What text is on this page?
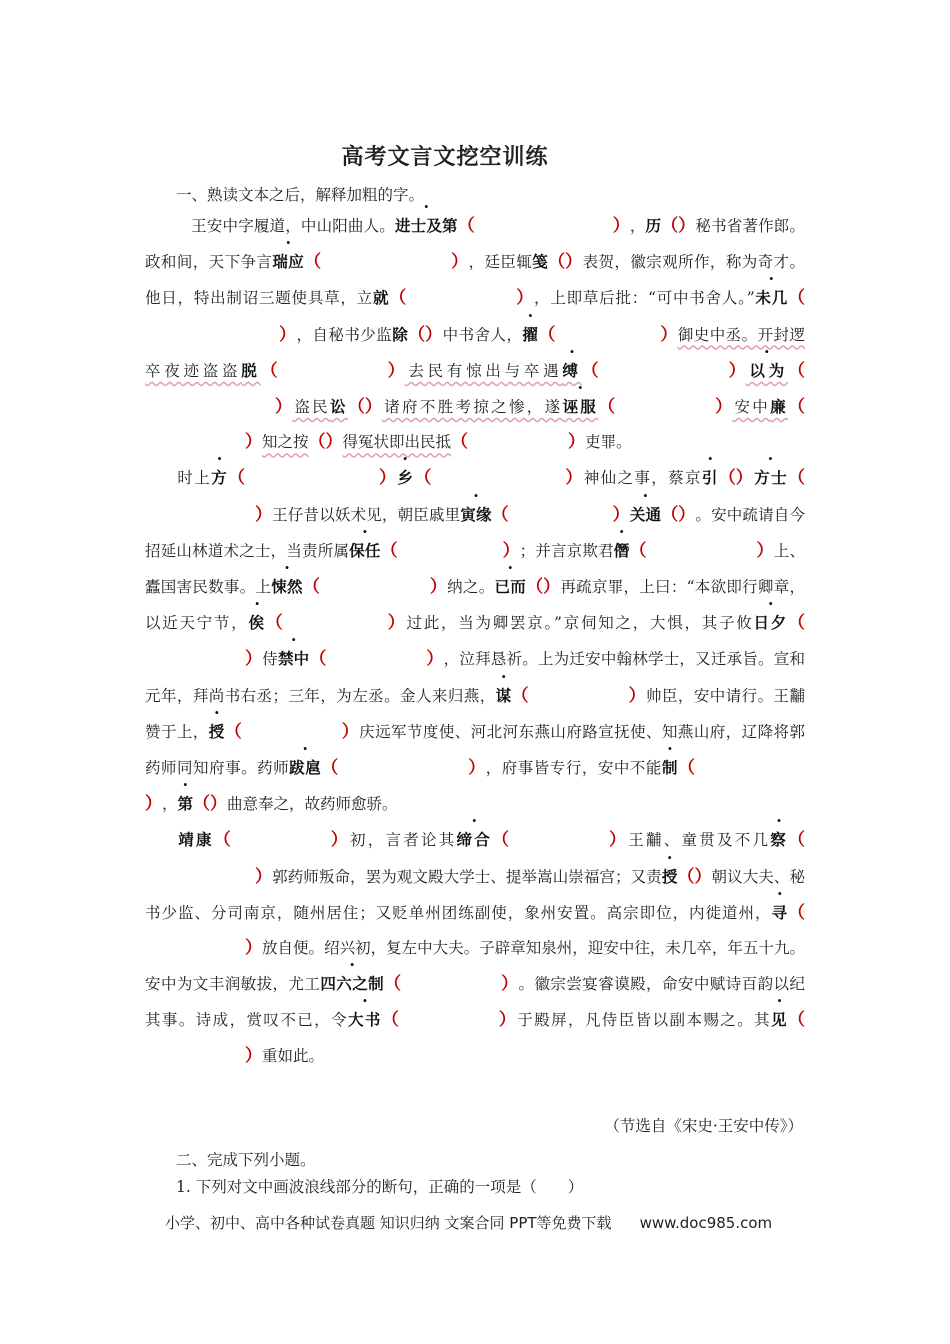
高考文言文挖空训练
一、熟读文本之后，解释加粗的字。

王安中字履道，中山阳曲人。进士及第（	），历（）秘书省著作郎。政和间，天下争言瑞应（	），廷臣辄笺（）表贺，徽宗观所作，称为奇才。他日，特出制诏三题使具草，立就（	），上即草后批：“可中书舍人。”未几（），自秘书少监除（）中书舍人，擢（	）御史中丞。开封逻卒夜迹盗盗脱（	）去民有惊出与卒遇缚（	）以为（）盗民讼（）诸府不胜考掠之惨，遂诬服（	）安中廉（）知之按（）得冤状即出民抵（	）吏罪。

时上方（	）乡（	）神仙之事，蔡京引（）方士（）王仔昔以妖术见，朝臣戚里寅缘（	）关通（）。安中疏请自今招延山林道术之士，当责所属保任（	）；并言京欺君僭（	）上、蠹国害民数事。上悚然（	）纳之。已而（）再疏京罪，上曰：“本欲即行卿章，以近天宁节，俟（	）过此，当为卿罢京。”京伺知之，大惧，其子攸日夕（）侍禁中（	），泣拜恳祈。上为迁安中翰林学士，又迁承旨。宣和元年，拜尚书右丞；三年，为左丞。金人来归燕，谋（	）帅臣，安中请行。王黼赞于上，授（	）庆远军节度使、河北河东燕山府路宣抚使、知燕山府，辽降将郭药师同知府事。药师跋扈（	），府事皆专行，安中不能制（），第（）曲意奉之，故药师愈骄。

靖康（	）初，言者论其缔合（	）王黼、童贯及不几察（）郭药师叛命，罢为观文殿大学士、提举嵩山崇福宫；又责授（）朝议大夫、秘书少监、分司南京，随州居住；又贬单州团练副使，象州安置。高宗即位，内徙道州，寻（）放自便。绍兴初，复左中大夫。子辟章知泉州，迎安中往，未几卒，年五十九。安中为文丰润敏拔，尤工四六之制（	）。徽宗尝宴睿谟殿，命安中赋诗百韵以纪其事。诗成，赏叹不已，令大书（	）于殿屏，凡侍臣皆以副本赐之。其见（）重如此。

（节选自《宋史·王安中传》）
二、完成下列小题。
1. 下列对文中画波浪线部分的断句，正确的一项是（　　）
小学、初中、高中各种试卷真题 知识归纳 文案合同 PPT等免费下载 www.doc985.com
